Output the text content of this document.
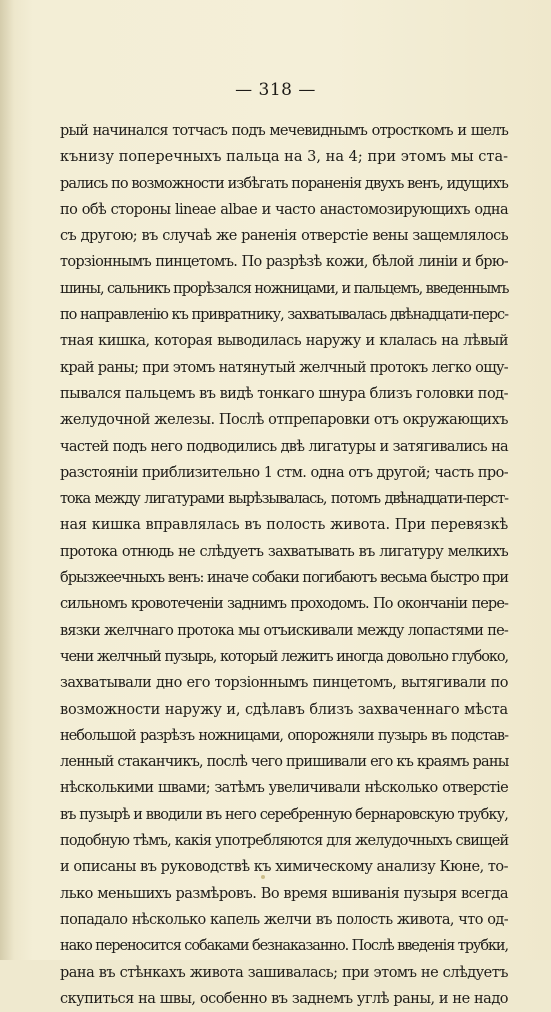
— 318 —
рый начинался тотчасъ подъ мечевиднымъ отросткомъ и шелъ
кънизу поперечныхъ пальца на 3, на 4; при этомъ мы ста-
рались по возможности избѣгать пораненія двухъ венъ, идущихъ
по обѣ стороны lineae albae и часто анастомозирующихъ одна
съ другою; въ случаѣ же раненія отверстіе вены защемлялось
торзіоннымъ пинцетомъ. По разрѣзѣ кожи, бѣлой линіи и брю-
шины, сальникъ прорѣзался ножницами, и пальцемъ, введеннымъ
по направленію къ привратнику, захватывалась двѣнадцати-перс-
тная кишка, которая выводилась наружу и клалась на лѣвый
край раны; при этомъ натянутый желчный протокъ легко ощу-
пывался пальцемъ въ видѣ тонкаго шнура близъ головки под-
желудочной железы. Послѣ отпрепаровки отъ окружающихъ
частей подъ него подводились двѣ лигатуры и затягивались на
разстояніи приблизительно 1 стм. одна отъ другой; часть про-
тока между лигатурами вырѣзывалась, потомъ двѣнадцати-перст-
ная кишка вправлялась въ полость живота. При перевязкѣ
протока отнюдь не слѣдуетъ захватывать въ лигатуру мелкихъ
брызжеечныхъ венъ: иначе собаки погибаютъ весьма быстро при
сильномъ кровотеченіи заднимъ проходомъ. По окончаніи пере-
вязки желчнаго протока мы отъискивали между лопастями пе-
чени желчный пузырь, который лежитъ иногда довольно глубоко,
захватывали дно его торзіоннымъ пинцетомъ, вытягивали по
возможности наружу и, сдѣлавъ близъ захваченнаго мѣста
небольшой разрѣзъ ножницами, опорожняли пузырь въ подстав-
ленный стаканчикъ, послѣ чего пришивали его къ краямъ раны
нѣсколькими швами; затѣмъ увеличивали нѣсколько отверстіе
въ пузырѣ и вводили въ него серебренную бернаровскую трубку,
подобную тѣмъ, какія употребляются для желудочныхъ свищей
и описаны въ руководствѣ къ химическому анализу Кюне, то-
лько меньшихъ размѣровъ. Во время вшиванія пузыря всегда
попадало нѣсколько капель желчи въ полость живота, что од-
нако переносится собаками безнаказанно. Послѣ введенія трубки,
рана въ стѣнкахъ живота зашивалась; при этомъ не слѣдуетъ
скупиться на швы, особенно въ заднемъ углѣ раны, и не надо
